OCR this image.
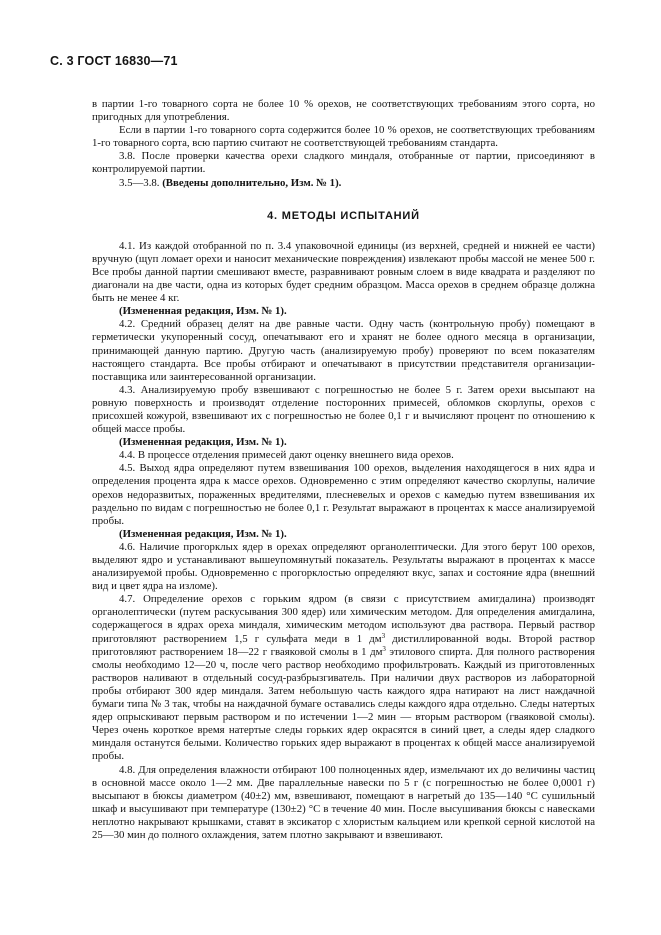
С. 3 ГОСТ 16830—71

в партии 1-го товарного сорта не более 10 % орехов, не соответствующих требованиям этого сорта, но пригодных для употребления.

Если в партии 1-го товарного сорта содержится более 10 % орехов, не соответствующих требованиям 1-го товарного сорта, всю партию считают не соответствующей требованиям стандарта.

3.8. После проверки качества орехи сладкого миндаля, отобранные от партии, присоединяют в контролируемой партии.

3.5—3.8. (Введены дополнительно, Изм. № 1).

4. МЕТОДЫ ИСПЫТАНИЙ

4.1. Из каждой отобранной по п. 3.4 упаковочной единицы (из верхней, средней и нижней ее части) вручную (щуп ломает орехи и наносит механические повреждения) извлекают пробы массой не менее 500 г. Все пробы данной партии смешивают вместе, разравнивают ровным слоем в виде квадрата и разделяют по диагонали на две части, одна из которых будет средним образцом. Масса орехов в среднем образце должна быть не менее 4 кг.

(Измененная редакция, Изм. № 1).

4.2. Средний образец делят на две равные части. Одну часть (контрольную пробу) помещают в герметически укупоренный сосуд, опечатывают его и хранят не более одного месяца в организации, принимающей данную партию. Другую часть (анализируемую пробу) проверяют по всем показателям настоящего стандарта. Все пробы отбирают и опечатывают в присутствии представителя организации-поставщика или заинтересованной организации.

4.3. Анализируемую пробу взвешивают с погрешностью не более 5 г. Затем орехи высыпают на ровную поверхность и производят отделение посторонних примесей, обломков скорлупы, орехов с присохшей кожурой, взвешивают их с погрешностью не более 0,1 г и вычисляют процент по отношению к общей массе пробы.

(Измененная редакция, Изм. № 1).

4.4. В процессе отделения примесей дают оценку внешнего вида орехов.

4.5. Выход ядра определяют путем взвешивания 100 орехов, выделения находящегося в них ядра и определения процента ядра к массе орехов. Одновременно с этим определяют качество скорлупы, наличие орехов недоразвитых, пораженных вредителями, плесневелых и орехов с камедью путем взвешивания их раздельно по видам с погрешностью не более 0,1 г. Результат выражают в процентах к массе анализируемой пробы.

(Измененная редакция, Изм. № 1).

4.6. Наличие прогорклых ядер в орехах определяют органолептически. Для этого берут 100 орехов, выделяют ядро и устанавливают вышеупомянутый показатель. Результаты выражают в процентах к массе анализируемой пробы. Одновременно с прогорклостью определяют вкус, запах и состояние ядра (внешний вид и цвет ядра на изломе).

4.7. Определение орехов с горьким ядром (в связи с присутствием амигдалина) производят органолептически (путем раскусывания 300 ядер) или химическим методом. Для определения амигдалина, содержащегося в ядрах ореха миндаля, химическим методом используют два раствора. Первый раствор приготовляют растворением 1,5 г сульфата меди в 1 $дм^3$ дистиллированной воды. Второй раствор приготовляют растворением 18—22 г гваяковой смолы в 1 $дм^3$ этилового спирта. Для полного растворения смолы необходимо 12—20 ч, после чего раствор необходимо профильтровать. Каждый из приготовленных растворов наливают в отдельный сосуд-разбрызгиватель. При наличии двух растворов из лабораторной пробы отбирают 300 ядер миндаля. Затем небольшую часть каждого ядра натирают на лист наждачной бумаги типа № 3 так, чтобы на наждачной бумаге оставались следы каждого ядра отдельно. Следы натертых ядер опрыскивают первым раствором и по истечении 1—2 мин — вторым раствором (гваяковой смолы). Через очень короткое время натертые следы горьких ядер окрасятся в синий цвет, а следы ядер сладкого миндаля останутся белыми. Количество горьких ядер выражают в процентах к общей массе анализируемой пробы.

4.8. Для определения влажности отбирают 100 полноценных ядер, измельчают их до величины частиц в основной массе около 1—2 мм. Две параллельные навески по 5 г (с погрешностью не более 0,0001 г) высыпают в бюксы диаметром (40±2) мм, взвешивают, помещают в нагретый до 135—140 °С сушильный шкаф и высушивают при температуре (130±2) °С в течение 40 мин. После высушивания бюксы с навесками неплотно накрывают крышками, ставят в эксикатор с хлористым кальцием или крепкой серной кислотой на 25—30 мин до полного охлаждения, затем плотно закрывают и взвешивают.
